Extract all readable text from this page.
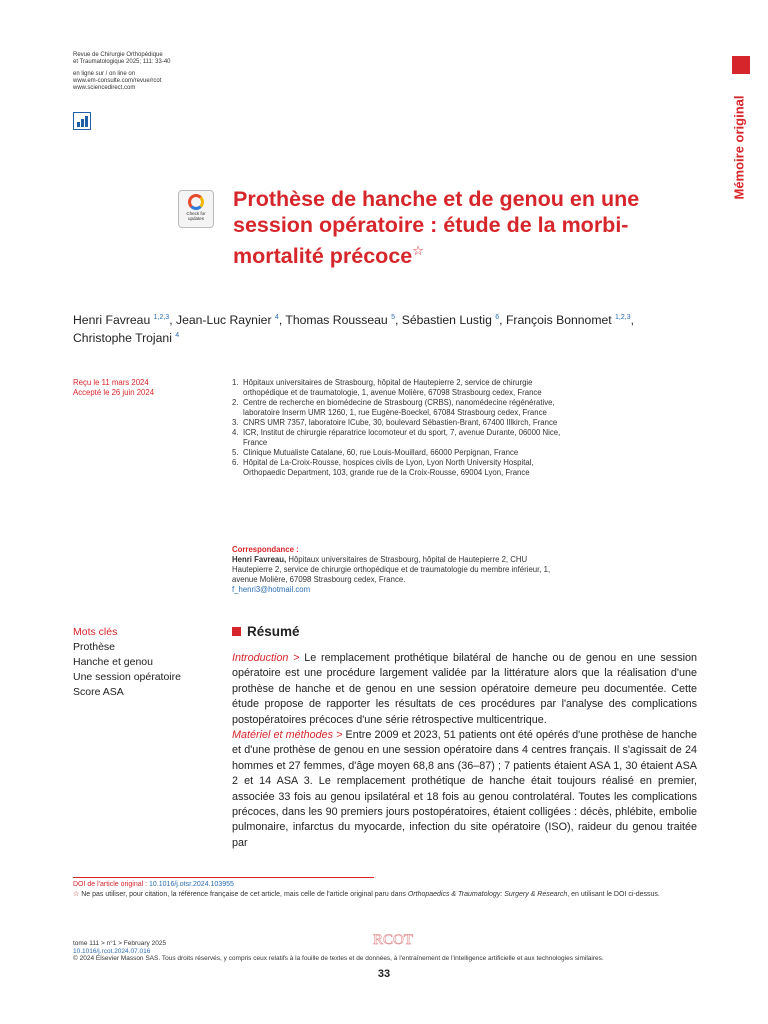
Revue de Chirurgie Orthopédique
et Traumatologique 2025; 111: 33-40
en ligne sur / on line on
www.em-consulte.com/revue/rcot
www.sciencedirect.com
Check for updates
Mémoire original
Prothèse de hanche et de genou en une session opératoire : étude de la morbi-mortalité précoce☆
Henri Favreau $^{1,2,3}$, Jean-Luc Raynier $^4$, Thomas Rousseau $^5$, Sébastien Lustig $^6$, François Bonnomet $^{1,2,3}$,
Christophe Trojani $^4$
Reçu le 11 mars 2024
Accepté le 26 juin 2024
1. Hôpitaux universitaires de Strasbourg, hôpital de Hautepierre 2, service de chirurgie orthopédique et de traumatologie, 1, avenue Molière, 67098 Strasbourg cedex, France
2. Centre de recherche en biomédecine de Strasbourg (CRBS), nanomédecine régénérative, laboratoire Inserm UMR 1260, 1, rue Eugène-Boeckel, 67084 Strasbourg cedex, France
3. CNRS UMR 7357, laboratoire ICube, 30, boulevard Sébastien-Brant, 67400 Illkirch, France
4. ICR, Institut de chirurgie réparatrice locomoteur et du sport, 7, avenue Durante, 06000 Nice, France
5. Clinique Mutualiste Catalane, 60, rue Louis-Mouillard, 66000 Perpignan, France
6. Hôpital de La-Croix-Rousse, hospices civils de Lyon, Lyon North University Hospital, Orthopaedic Department, 103, grande rue de la Croix-Rousse, 69004 Lyon, France
Correspondance :
Henri Favreau, Hôpitaux universitaires de Strasbourg, hôpital de Hautepierre 2, CHU Hautepierre 2, service de chirurgie orthopédique et de traumatologie du membre inférieur, 1, avenue Molière, 67098 Strasbourg cedex, France.
f_henri3@hotmail.com
Mots clés
Prothèse
Hanche et genou
Une session opératoire
Score ASA
Résumé
Introduction > Le remplacement prothétique bilatéral de hanche ou de genou en une session opératoire est une procédure largement validée par la littérature alors que la réalisation d'une prothèse de hanche et de genou en une session opératoire demeure peu documentée. Cette étude propose de rapporter les résultats de ces procédures par l'analyse des complications postopératoires précoces d'une série rétrospective multicentrique.
Matériel et méthodes > Entre 2009 et 2023, 51 patients ont été opérés d'une prothèse de hanche et d'une prothèse de genou en une session opératoire dans 4 centres français. Il s'agissait de 24 hommes et 27 femmes, d'âge moyen 68,8 ans (36–87) ; 7 patients étaient ASA 1, 30 étaient ASA 2 et 14 ASA 3. Le remplacement prothétique de hanche était toujours réalisé en premier, associée 33 fois au genou ipsilatéral et 18 fois au genou controlatéral. Toutes les complications précoces, dans les 90 premiers jours postopératoires, étaient colligées : décès, phlébite, embolie pulmonaire, infarctus du myocarde, infection du site opératoire (ISO), raideur du genou traitée par
DOI de l'article original : 10.1016/j.otsr.2024.103955
☆ Ne pas utiliser, pour citation, la référence française de cet article, mais celle de l'article original paru dans Orthopaedics & Traumatology: Surgery & Research, en utilisant le DOI ci-dessus.
RCOT
tome 111 > n°1 > February 2025
10.1016/j.rcot.2024.07.016
© 2024 Elsevier Masson SAS. Tous droits réservés, y compris ceux relatifs à la fouille de textes et de données, à l'entraînement de l'intelligence artificielle et aux technologies similaires.
33
